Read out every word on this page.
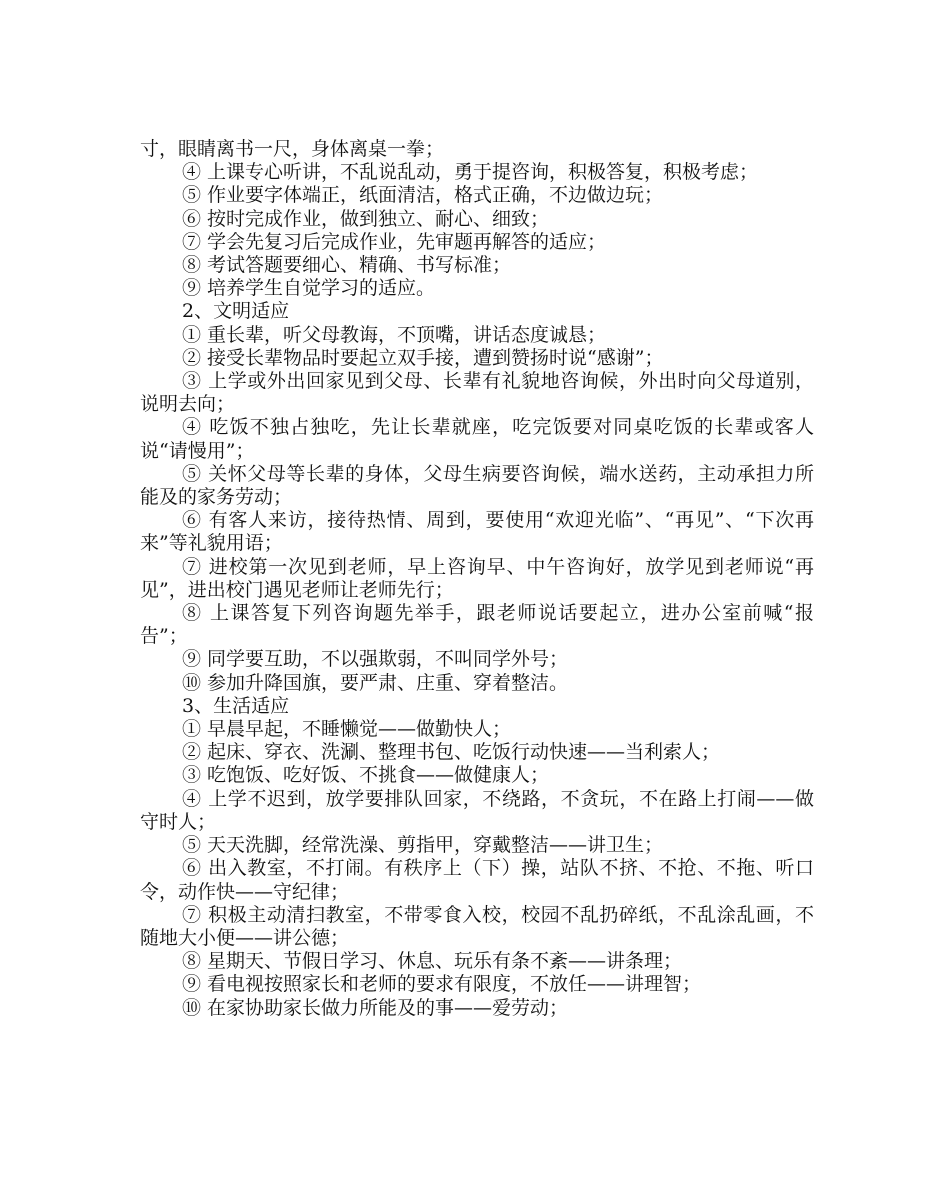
寸，眼睛离书一尺，身体离桌一拳；

④ 上课专心听讲，不乱说乱动，勇于提咨询，积极答复，积极考虑；

⑤ 作业要字体端正，纸面清洁，格式正确，不边做边玩；

⑥ 按时完成作业，做到独立、耐心、细致；

⑦ 学会先复习后完成作业，先审题再解答的适应；

⑧ 考试答题要细心、精确、书写标准；

⑨ 培养学生自觉学习的适应。

2、文明适应

① 重长辈，听父母教诲，不顶嘴，讲话态度诚恳；

② 接受长辈物品时要起立双手接，遭到赞扬时说“感谢”；

③ 上学或外出回家见到父母、长辈有礼貌地咨询候，外出时向父母道别，说明去向；

④ 吃饭不独占独吃，先让长辈就座，吃完饭要对同桌吃饭的长辈或客人说“请慢用”；

⑤ 关怀父母等长辈的身体，父母生病要咨询候，端水送药，主动承担力所能及的家务劳动；

⑥ 有客人来访，接待热情、周到，要使用“欢迎光临”、“再见”、“下次再来”等礼貌用语；

⑦ 进校第一次见到老师，早上咨询早、中午咨询好，放学见到老师说“再见”，进出校门遇见老师让老师先行；

⑧ 上课答复下列咨询题先举手，跟老师说话要起立，进办公室前喊“报告”；

⑨ 同学要互助，不以强欺弱，不叫同学外号；

⑩ 参加升降国旗，要严肃、庄重、穿着整洁。

3、生活适应

① 早晨早起，不睡懒觉——做勤快人；

② 起床、穿衣、洗涮、整理书包、吃饭行动快速——当利索人；

③ 吃饱饭、吃好饭、不挑食——做健康人；

④ 上学不迟到，放学要排队回家，不绕路，不贪玩，不在路上打闹——做守时人；

⑤ 天天洗脚，经常洗澡、剪指甲，穿戴整洁——讲卫生；

⑥ 出入教室，不打闹。有秩序上（下）操，站队不挤、不抢、不拖、听口令，动作快——守纪律；

⑦ 积极主动清扫教室，不带零食入校，校园不乱扔碎纸，不乱涂乱画，不随地大小便——讲公德；

⑧ 星期天、节假日学习、休息、玩乐有条不紊——讲条理；

⑨ 看电视按照家长和老师的要求有限度，不放任——讲理智；

⑩ 在家协助家长做力所能及的事——爱劳动；
